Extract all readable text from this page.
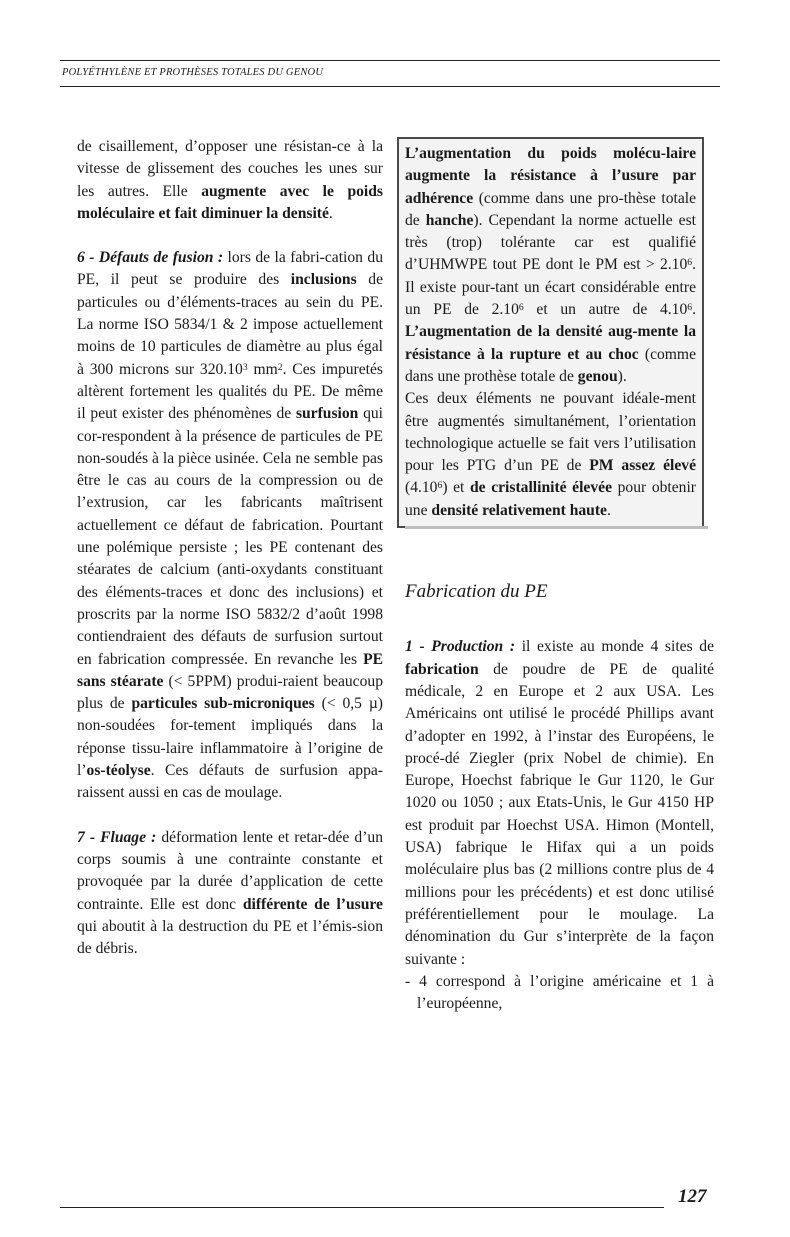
POLYÉTHYLÈNE ET PROTHÈSES TOTALES DU GENOU

de cisaillement, d’opposer une résistan-ce à la vitesse de glissement des couches les unes sur les autres. Elle augmente avec le poids moléculaire et fait diminuer la densité.

6 - Défauts de fusion : lors de la fabri-cation du PE, il peut se produire des inclusions de particules ou d’éléments-traces au sein du PE. La norme ISO 5834/1 & 2 impose actuellement moins de 10 particules de diamètre au plus égal à 300 microns sur 320.10$^3$ $mm^2$. Ces impuretés altèrent fortement les qualités du PE. De même il peut exister des phénomènes de surfusion qui cor-respondent à la présence de particules de PE non-soudés à la pièce usinée. Cela ne semble pas être le cas au cours de la compression ou de l’extrusion, car les fabricants maîtrisent actuellement ce défaut de fabrication. Pourtant une polémique persiste ; les PE contenant des stéarates de calcium (anti-oxydants constituant des éléments-traces et donc des inclusions) et proscrits par la norme ISO 5832/2 d’août 1998 contiendraient des défauts de surfusion surtout en fabrication compressée. En revanche les PE sans stéarate (< 5PPM) produi-raient beaucoup plus de particules sub-microniques (< 0,5 µ) non-soudées for-tement impliqués dans la réponse tissu-laire inflammatoire à l’origine de l’os-téolyse. Ces défauts de surfusion appa-raissent aussi en cas de moulage.

7 - Fluage : déformation lente et retar-dée d’un corps soumis à une contrainte constante et provoquée par la durée d’application de cette contrainte. Elle est donc différente de l’usure qui aboutit à la destruction du PE et l’émis-sion de débris.

L’augmentation du poids molécu-laire augmente la résistance à l’usure par adhérence (comme dans une pro-thèse totale de hanche). Cependant la norme actuelle est très (trop) tolérante car est qualifié d’UHMWPE tout PE dont le PM est > $2.10^6$. Il existe pour-tant un écart considérable entre un PE de 2.10$^6$ et un autre de 4.10$^6$. L’augmentation de la densité aug-mente la résistance à la rupture et au choc (comme dans une prothèse totale de genou).

Ces deux éléments ne pouvant idéale-ment être augmentés simultanément, l’orientation technologique actuelle se fait vers l’utilisation pour les PTG d’un PE de PM assez élevé (4.10$^6$) et de cristallinité élevée pour obtenir une densité relativement haute.

Fabrication du PE

1 - Production : il existe au monde 4 sites de fabrication de poudre de PE de qualité médicale, 2 en Europe et 2 aux USA. Les Américains ont utilisé le procédé Phillips avant d’adopter en 1992, à l’instar des Européens, le procé-dé Ziegler (prix Nobel de chimie). En Europe, Hoechst fabrique le Gur 1120, le Gur 1020 ou 1050 ; aux Etats-Unis, le Gur 4150 HP est produit par Hoechst USA. Himon (Montell, USA) fabrique le Hifax qui a un poids moléculaire plus bas (2 millions contre plus de 4 millions pour les précédents) et est donc utilisé préférentiellement pour le moulage. La dénomination du Gur s’interprète de la façon suivante :

- 4 correspond à l’origine américaine et 1 à l’européenne,

127
